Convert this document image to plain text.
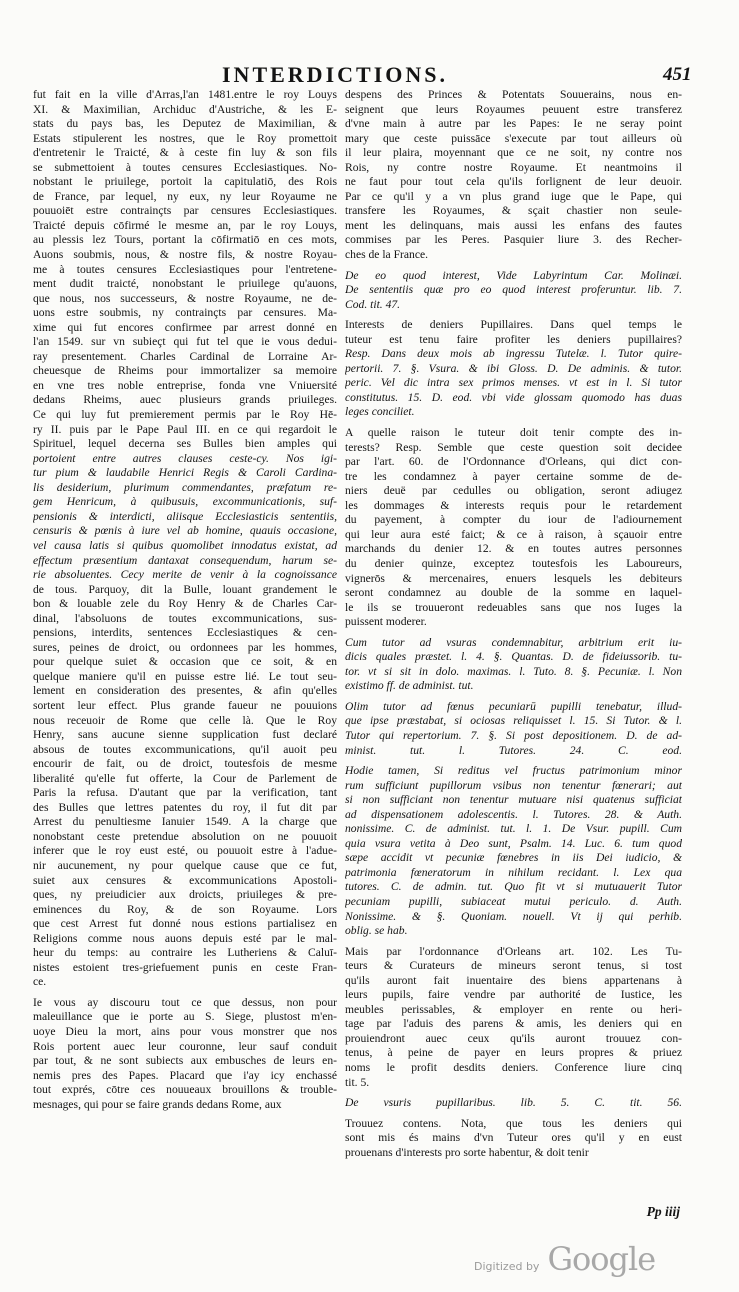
INTERDICTIONS.	451
fut fait en la ville d'Arras,l'an 1481.entre le roy Louys
XI. & Maximilian, Archiduc d'Austriche, & les E-
stats du pays bas, les Deputez de Maximilian, &
Estats stipulerent les nostres, que le Roy promettoit
d'entretenir le Traicté, & à ceste fin luy & son fils
se submettoient à toutes censures Ecclesiastiques. No-
nobstant le priuilege, portoit la capitulatiō, des Rois
de France, par lequel, ny eux, ny leur Royaume ne
pouuoiēt estre contrainçts par censures Ecclesiastiques.
Traicté depuis cōfirmé le mesme an, par le roy Louys,
au plessis lez Tours, portant la cōfirmatiō en ces mots,
Auons soubmis, nous, & nostre fils, & nostre Royau-
me à toutes censures Ecclesiastiques pour l'entretene-
ment dudit traicté, nonobstant le priuilege qu'auons,
que nous, nos successeurs, & nostre Royaume, ne de-
uons estre soubmis, ny contrainçts par censures. Ma-
xime qui fut encores confirmee par arrest donné en
l'an 1549. sur vn subieçt qui fut tel que ie vous dedui-
ray presentement. Charles Cardinal de Lorraine Ar-
cheuesque de Rheims pour immortalizer sa memoire
en vne tres noble entreprise, fonda vne Vniuersité
dedans Rheims, auec plusieurs grands priuileges.
Ce qui luy fut premierement permis par le Roy Hē-
ry II. puis par le Pape Paul III. en ce qui regardoit le
Spirituel, lequel decerna ses Bulles bien amples qui
portoient entre autres clauses ceste-cy. Nos igi-
tur pium & laudabile Henrici Regis & Caroli Cardina-
lis desiderium, plurimum commendantes, præfatum re-
gem Henricum, à quibusuis, excommunicationis, suf-
pensionis & interdicti, aliisque Ecclesiasticis sententiis,
censuris & pœnis à iure vel ab homine, quauis occasione,
vel causa latis si quibus quomolibet innodatus existat, ad
effectum præsentium dantaxat consequendum, harum se-
rie absoluentes. Cecy merite de venir à la cognoissance
de tous. Parquoy, dit la Bulle, louant grandement le
bon & louable zele du Roy Henry & de Charles Car-
dinal, l'absoluons de toutes excommunications, sus-
pensions, interdits, sentences Ecclesiastiques & cen-
sures, peines de droict, ou ordonnees par les hommes,
pour quelque suiet & occasion que ce soit, & en
quelque maniere qu'il en puisse estre lié. Le tout seu-
lement en consideration des presentes, & afin qu'elles
sortent leur effect. Plus grande faueur ne pouuions
nous receuoir de Rome que celle là. Que le Roy
Henry, sans aucune sienne supplication fust declaré
absous de toutes excommunications, qu'il auoit peu
encourir de fait, ou de droict, toutesfois de mesme
liberalité qu'elle fut offerte, la Cour de Parlement de
Paris la refusa. D'autant que par la verification, tant
des Bulles que lettres patentes du roy, il fut dit par
Arrest du penultiesme Ianuier 1549. A la charge que
nonobstant ceste pretendue absolution on ne pouuoit
inferer que le roy eust esté, ou pouuoit estre à l'adue-
nir aucunement, ny pour quelque cause que ce fut,
suiet aux censures & excommunications Apostoli-
ques, ny preiudicier aux droicts, priuileges & pre-
eminences du Roy, & de son Royaume. Lors
que cest Arrest fut donné nous estions partialisez en
Religions comme nous auons depuis esté par le mal-
heur du temps: au contraire les Lutheriens & Caluī-
nistes estoient tres-griefuement punis en ceste Fran-
ce.
Ie vous ay discouru tout ce que dessus, non pour
maleuillance que ie porte au S. Siege, plustost m'en-
uoye Dieu la mort, ains pour vous monstrer que nos
Rois portent auec leur couronne, leur sauf conduit
par tout, & ne sont subiects aux embusches de leurs en-
nemis pres des Papes. Placard que i'ay icy enchassé
tout exprés, cōtre ces nouueaux brouillons & trouble-
mesnages, qui pour se faire grands dedans Rome, aux
despens des Princes & Potentats Souuerains, nous en-
seignent que leurs Royaumes peuuent estre transferez
d'vne main à autre par les Papes: Ie ne seray point
mary que ceste puissāce s'execute par tout ailleurs où
il leur plaira, moyennant que ce ne soit, ny contre nos
Rois, ny contre nostre Royaume. Et neantmoins il
ne faut pour tout cela qu'ils forlignent de leur deuoir.
Par ce qu'il y a vn plus grand iuge que le Pape, qui
transfere les Royaumes, & sçait chastier non seule-
ment les delinquans, mais aussi les enfans des fautes
commises par les Peres. Pasquier liure 3. des Recher-
ches de la France.
De eo quod interest, Vide Labyrintum Car. Molinæi.
De sententiis quæ pro eo quod interest proferuntur. lib. 7.
Cod. tit. 47.
Interests de deniers Pupillaires. Dans quel temps le
tuteur est tenu faire profiter les deniers pupillaires?
Resp. Dans deux mois ab ingressu Tutelæ. l. Tutor quire-
pertorii. 7. §. Vsura. & ibi Gloss. D. De adminis. & tutor.
peric. Vel dic intra sex primos menses. vt est in l. Si tutor
constitutus. 15. D. eod. vbi vide glossam quomodo has duas
leges conciliet.
A quelle raison le tuteur doit tenir compte des in-
terests? Resp. Semble que ceste question soit decidee
par l'art. 60. de l'Ordonnance d'Orleans, qui dict con-
tre les condamnez à payer certaine somme de de-
niers deuë par cedulles ou obligation, seront adiugez
les dommages & interests requis pour le retardement
du payement, à compter du iour de l'adiournement
qui leur aura esté faict; & ce à raison, à sçauoir entre
marchands du denier 12. & en toutes autres personnes
du denier quinze, exceptez toutesfois les Laboureurs,
vignerōs & mercenaires, enuers lesquels les debiteurs
seront condamnez au double de la somme en laquel-
le ils se trouueront redeuables sans que nos Iuges la
puissent moderer.
Cum tutor ad vsuras condemnabitur, arbitrium erit iu-
dicis quales præstet. l. 4. §. Quantas. D. de fideiussorib. tu-
tor. vt si sit in dolo. maximas. l. Tuto. 8. §. Pecuniæ. l. Non
existimo ff. de administ. tut.
Olim tutor ad fœnus pecuniarū pupilli tenebatur, illud-
que ipse præstabat, si ociosas reliquisset l. 15. Si Tutor. & l.
Tutor qui repertorium. 7. §. Si post depositionem. D. de ad-
minist. tut. l. Tutores. 24. C. eod.
Hodie tamen, Si reditus vel fructus patrimonium minor
rum sufficiunt pupillorum vsibus non tenentur fœnerari; aut
si non sufficiant non tenentur mutuare nisi quatenus sufficiat
ad dispensationem adolescentis. l. Tutores. 28. & Auth.
nonissime. C. de administ. tut. l. 1. De Vsur. pupill. Cum
quia vsura vetita à Deo sunt, Psalm. 14. Luc. 6. tum quod
sæpe accidit vt pecuniæ fœnebres in iis Dei iudicio, &
patrimonia fœneratorum in nihilum recidant. l. Lex qua
tutores. C. de admin. tut. Quo fit vt si mutuauerit Tutor
pecuniam pupilli, subiaceat mutui periculo. d. Auth.
Nonissime. & §. Quoniam. nouell. Vt ij qui perhib.
oblig. se hab.
Mais par l'ordonnance d'Orleans art. 102. Les Tu-
teurs & Curateurs de mineurs seront tenus, si tost
qu'ils auront fait inuentaire des biens appartenans à
leurs pupils, faire vendre par authorité de Iustice, les
meubles perissables, & employer en rente ou heri-
tage par l'aduis des parens & amis, les deniers qui en
prouiendront auec ceux qu'ils auront trouuez con-
tenus, à peine de payer en leurs propres & priuez
noms le profit desdits deniers. Conference liure cinq
tit. 5.
De vsuris pupillaribus. lib. 5. C. tit. 56.
Trouuez contens. Nota, que tous les deniers qui
sont mis és mains d'vn Tuteur ores qu'il y en eust
prouenans d'interests pro sorte habentur, & doit tenir
Pp iiij
Digitized by Google
